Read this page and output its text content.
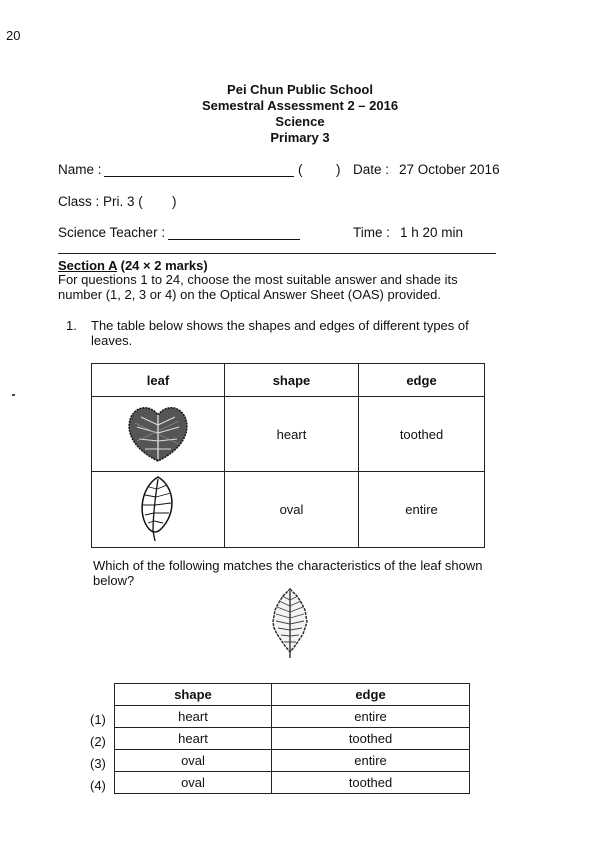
20
Pei Chun Public School
Semestral Assessment 2 – 2016
Science
Primary 3
Name :	( ) Date : 27 October 2016
Class : Pri. 3 ( )
Science Teacher :	Time : 1 h 20 min
Section A (24 × 2 marks)
For questions 1 to 24, choose the most suitable answer and shade its number (1, 2, 3 or 4) on the Optical Answer Sheet (OAS) provided.
1. The table below shows the shapes and edges of different types of leaves.
leaf	shape	edge
	heart	toothed
	oval	entire
Which of the following matches the characteristics of the leaf shown below?
(1)
(2)
(3)
(4)
shape	edge
heart	entire
heart	toothed
oval	entire
oval	toothed
